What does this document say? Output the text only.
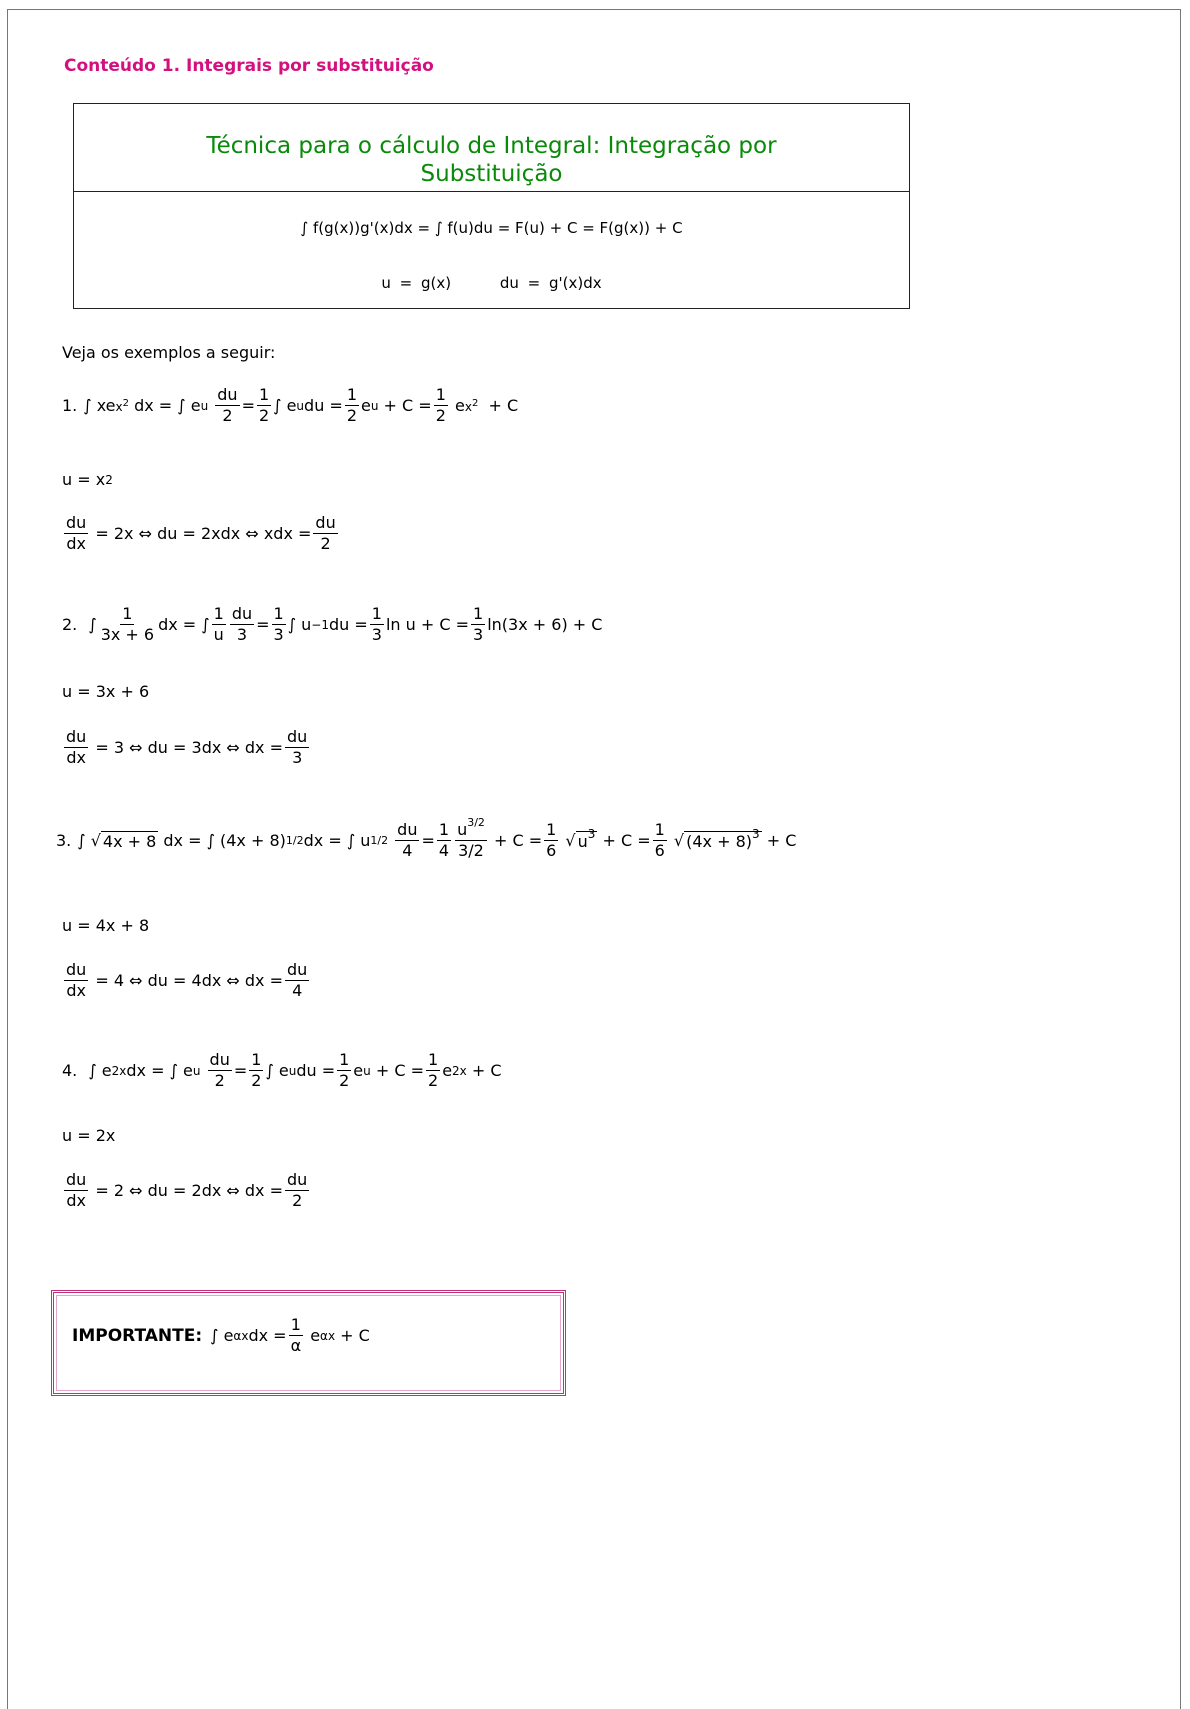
Conteúdo 1. Integrais por substituição
Técnica para o cálculo de Integral: Integração por
Substituição
∫ f(g(x))g'(x)dx = ∫ f(u)du = F(u) + C = F(g(x)) + C
u = g(x)	du = g'(x)dx
Veja os exemplos a seguir:
1. ∫ xe $x^2$ dx = ∫ e u
$\frac{du}{2} = \frac{1}{2}$ ∫ e u du = $\frac{1}{2}$ e $u + C = \frac{1}{2}$ e $x^2 + C$
u = x 2
$\frac{du}{dx} = 2x$ ⇔ du = 2xdx ⇔ xdx = $\frac{du}{2}$
2. ∫ $\frac{1}{3x + 6}$ dx = ∫ $\frac{1}{u} \frac{du}{3} = \frac{1}{3}$ ∫ u −1 du = $\frac{1}{3}$ $\ln u + C = \frac{1}{3} \ln(3x + 6) + C$
u = 3x + 6
$\frac{du}{dx} = 3$ ⇔ du = 3dx ⇔ dx = $\frac{du}{3}$
3. ∫ √ 4x + 8 dx = ∫ (4x + 8) 1/2 dx = ∫ u 1/2
$\frac{du}{4} = \frac{1}{4} \frac{u^{3/2}}{3/2} + C = \frac{1}{6}$ √ $u^3 + C = \frac{1}{6}$ √ $(4x + 8)^3 + C$
u = 4x + 8
$\frac{du}{dx} = 4$ ⇔ du = 4dx ⇔ dx = $\frac{du}{4}$
4. ∫ e 2x dx = ∫ e u
$\frac{du}{2} = \frac{1}{2}$ ∫ e u du = $\frac{1}{2}$ e $u + C = \frac{1}{2}$ e 2x + C
u = 2x
$\frac{du}{dx} = 2$ ⇔ du = 2dx ⇔ dx = $\frac{du}{2}$
IMPORTANTE: ∫ e αx dx = $\frac{1}{\alpha}$ e αx + C
